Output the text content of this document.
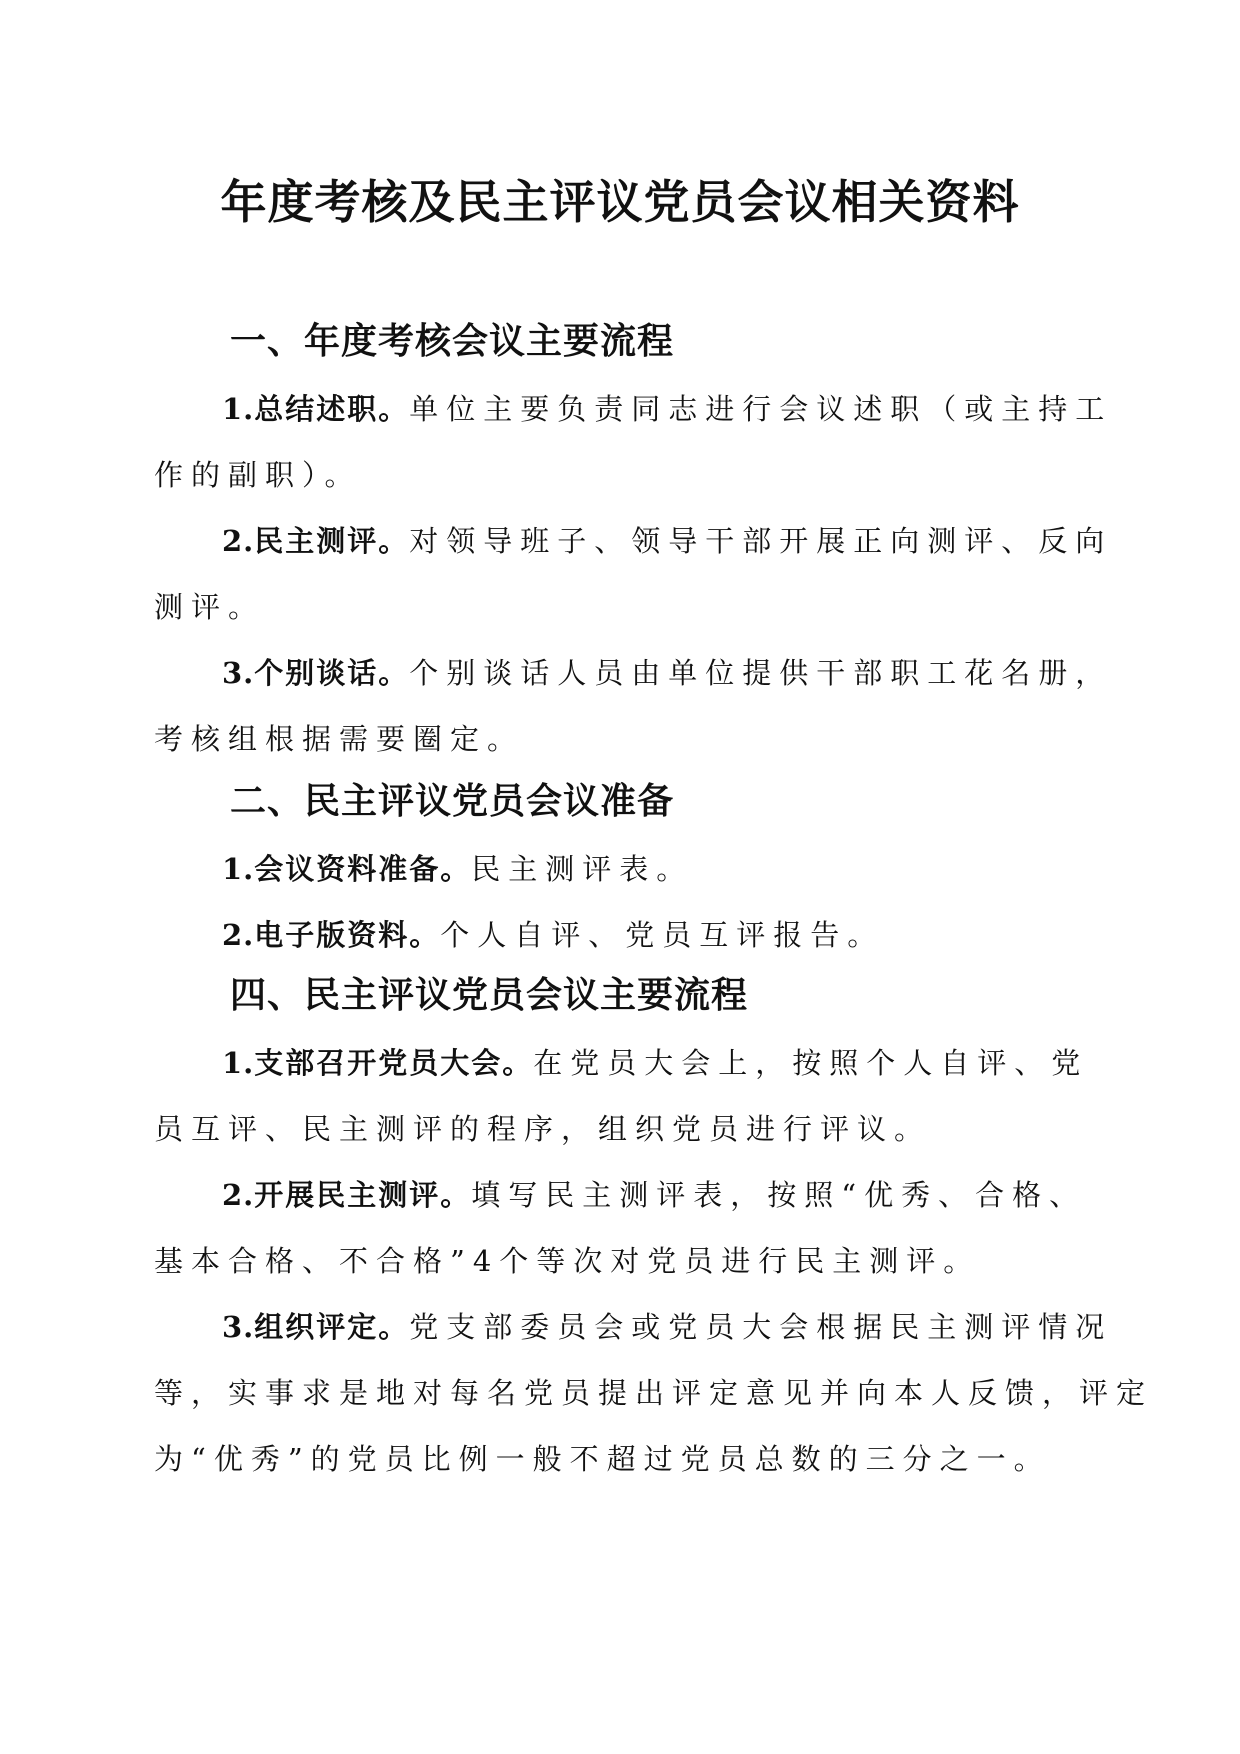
年度考核及民主评议党员会议相关资料
一、年度考核会议主要流程

1.总结述职。单位主要负责同志进行会议述职（或主持工
作的副职）。

2.民主测评。对领导班子、领导干部开展正向测评、反向
测评。

3.个别谈话。个别谈话人员由单位提供干部职工花名册，
考核组根据需要圈定。

二、民主评议党员会议准备

1.会议资料准备。民主测评表。

2.电子版资料。个人自评、党员互评报告。

四、民主评议党员会议主要流程

1.支部召开党员大会。在党员大会上，按照个人自评、党
员互评、民主测评的程序，组织党员进行评议。

2.开展民主测评。填写民主测评表，按照“优秀、合格、
基本合格、不合格”4个等次对党员进行民主测评。

3.组织评定。党支部委员会或党员大会根据民主测评情况
等，实事求是地对每名党员提出评定意见并向本人反馈，评定
为“优秀”的党员比例一般不超过党员总数的三分之一。
